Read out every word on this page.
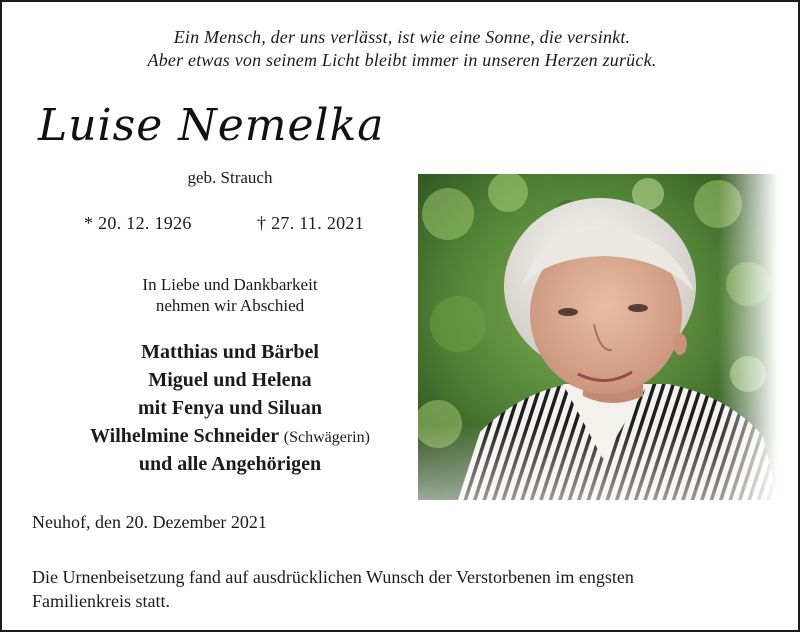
Ein Mensch, der uns verlässt, ist wie eine Sonne, die versinkt.
Aber etwas von seinem Licht bleibt immer in unseren Herzen zurück.
Luise Nemelka
geb. Strauch
* 20. 12. 1926	† 27. 11. 2021
In Liebe und Dankbarkeit
nehmen wir Abschied
Matthias und Bärbel
Miguel und Helena
mit Fenya und Siluan
Wilhelmine Schneider (Schwägerin)
und alle Angehörigen
Neuhof, den 20. Dezember 2021
Die Urnenbeisetzung fand auf ausdrücklichen Wunsch der Verstorbenen im engsten
Familienkreis statt.
